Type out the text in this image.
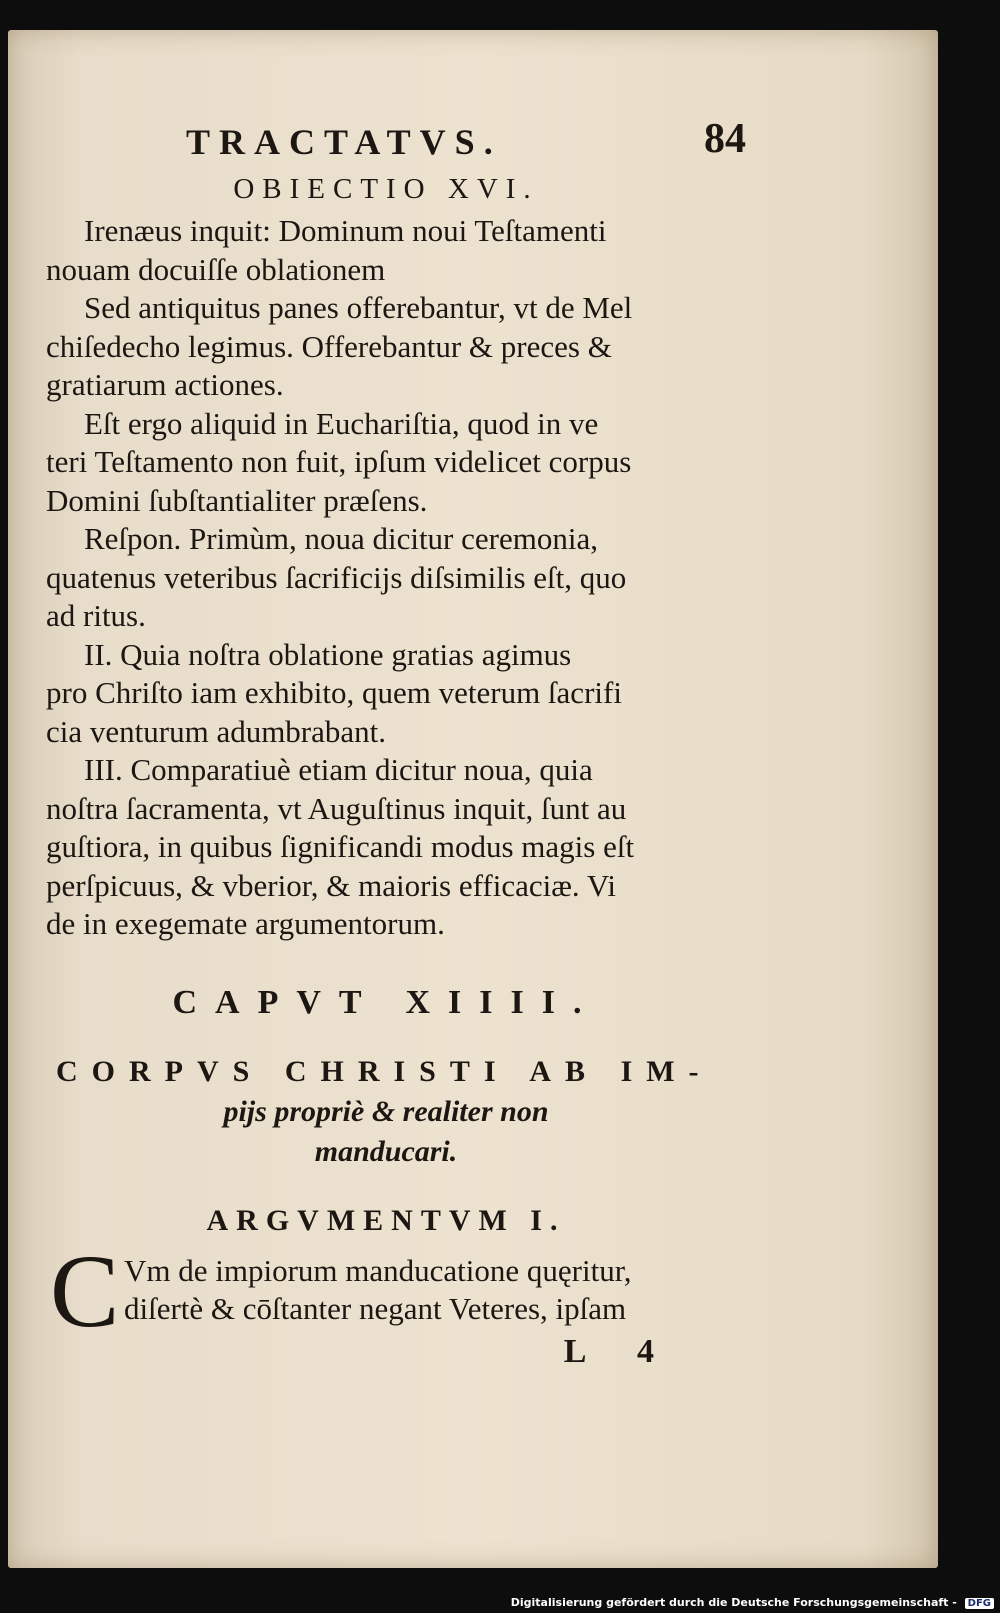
TRACTATVS.	84
OBIECTIO XVI.

Irenæus inquit: Dominum noui Teſtamenti

nouam docuiſſe oblationem

Sed antiquitus panes offerebantur, vt de Mel

chiſedecho legimus. Offerebantur & preces &

gratiarum actiones.

Eſt ergo aliquid in Euchariſtia, quod in ve

teri Teſtamento non fuit, ipſum videlicet corpus

Domini ſubſtantialiter præſens.

Reſpon. Primùm, noua dicitur ceremonia,

quatenus veteribus ſacrificijs diſsimilis eſt, quo

ad ritus.

II. Quia noſtra oblatione gratias agimus

pro Chriſto iam exhibito, quem veterum ſacrifi

cia venturum adumbrabant.

III. Comparatiuè etiam dicitur noua, quia

noſtra ſacramenta, vt Auguſtinus inquit, ſunt au

guſtiora, in quibus ſignificandi modus magis eſt

perſpicuus, & vberior, & maioris efficaciæ. Vi

de in exegemate argumentorum.

CAPVT XIIII.

CORPVS CHRISTI AB IM-

pijs propriè & realiter non

manducari.

ARGVMENTVM I.
C Vm de impiorum manducatione quęritur,

diſertè & cōſtanter negant Veteres, ipſam

L 4
Digitalisierung gefördert durch die Deutsche Forschungsgemeinschaft - DFG
